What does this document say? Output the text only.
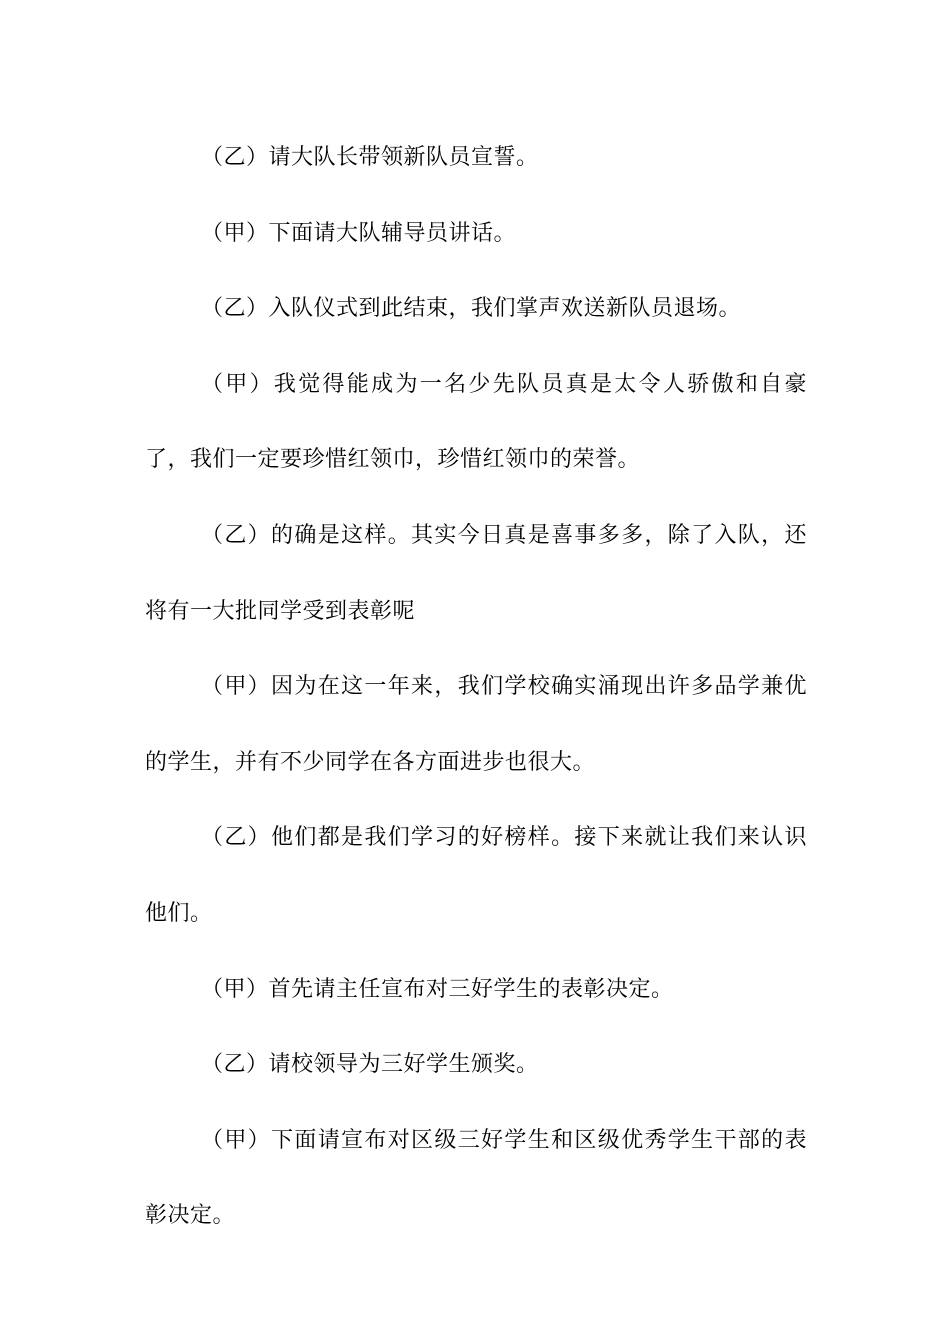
（乙）请大队长带领新队员宣誓。

（甲）下面请大队辅导员讲话。

（乙）入队仪式到此结束，我们掌声欢送新队员退场。

（甲）我觉得能成为一名少先队员真是太令人骄傲和自豪了，我们一定要珍惜红领巾，珍惜红领巾的荣誉。

（乙）的确是这样。其实今日真是喜事多多，除了入队，还将有一大批同学受到表彰呢

（甲）因为在这一年来，我们学校确实涌现出许多品学兼优的学生，并有不少同学在各方面进步也很大。

（乙）他们都是我们学习的好榜样。接下来就让我们来认识他们。

（甲）首先请主任宣布对三好学生的表彰决定。

（乙）请校领导为三好学生颁奖。

（甲）下面请宣布对区级三好学生和区级优秀学生干部的表彰决定。
